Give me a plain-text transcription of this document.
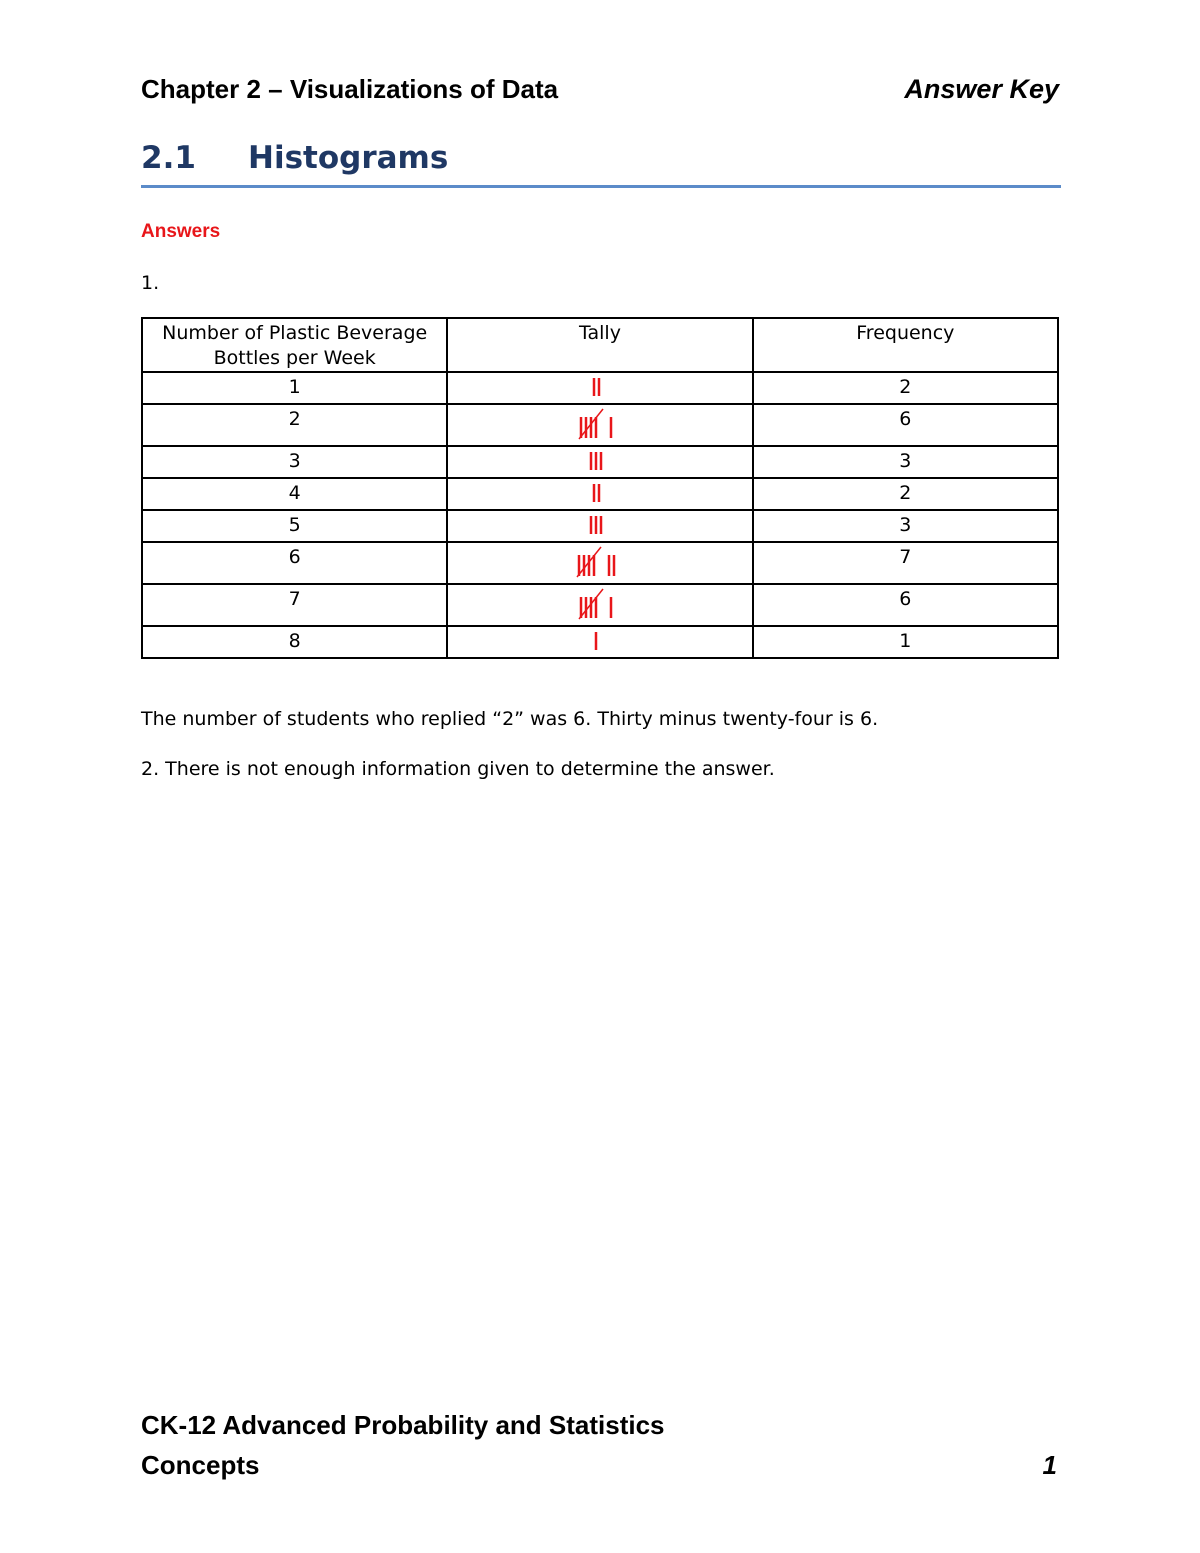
Chapter 2 – Visualizations of Data	Answer Key
2.1	Histograms
Answers
1.
Number of Plastic Beverage Bottles per Week	Tally	Frequency
1		2
2		6
3		3
4		2
5		3
6		7
7		6
8		1
The number of students who replied “2” was 6. Thirty minus twenty-four is 6.
2. There is not enough information given to determine the answer.
CK-12 Advanced Probability and Statistics
Concepts	1
